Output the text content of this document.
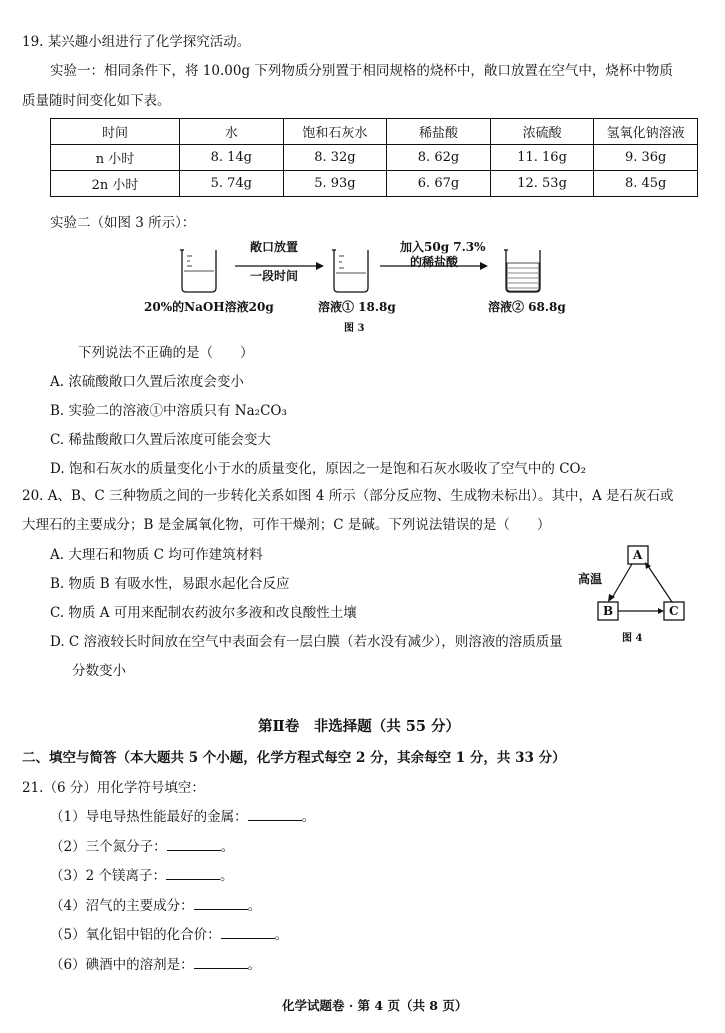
19. 某兴趣小组进行了化学探究活动。
实验一：相同条件下，将 10.00g 下列物质分别置于相同规格的烧杯中，敞口放置在空气中，烧杯中物质
质量随时间变化如下表。
时间	水	饱和石灰水	稀盐酸	浓硫酸	氢氧化钠溶液
n 小时	8. 14g	8. 32g	8. 62g	11. 16g	9. 36g
2n 小时	5. 74g	5. 93g	6. 67g	12. 53g	8. 45g
实验二（如图 3 所示）：
敞口放置
一段时间
加入50g 7.3%
的稀盐酸
20%的NaOH溶液20g	溶液① 18.8g	溶液② 68.8g
图 3
下列说法不正确的是（　　）
A. 浓硫酸敞口久置后浓度会变小
B. 实验二的溶液①中溶质只有 Na₂CO₃
C. 稀盐酸敞口久置后浓度可能会变大
D. 饱和石灰水的质量变化小于水的质量变化，原因之一是饱和石灰水吸收了空气中的 CO₂
20. A、B、C 三种物质之间的一步转化关系如图 4 所示（部分反应物、生成物未标出）。其中，A 是石灰石或
大理石的主要成分；B 是金属氧化物，可作干燥剂；C 是碱。下列说法错误的是（　　）
A. 大理石和物质 C 均可作建筑材料
B. 物质 B 有吸水性，易跟水起化合反应
C. 物质 A 可用来配制农药波尔多液和改良酸性土壤
D. C 溶液较长时间放在空气中表面会有一层白膜（若水没有减少），则溶液的溶质质量
分数变小
A
B	C
高温
图 4
第Ⅱ卷　非选择题（共 55 分）
二、填空与简答（本大题共 5 个小题，化学方程式每空 2 分，其余每空 1 分，共 33 分）
21.（6 分）用化学符号填空：
（1）导电导热性能最好的金属：	。
（2）三个氮分子：	。
（3）2 个镁离子：	。
（4）沼气的主要成分：	。
（5）氧化铝中铝的化合价：	。
（6）碘酒中的溶剂是：	。
化学试题卷 · 第 4 页（共 8 页）
